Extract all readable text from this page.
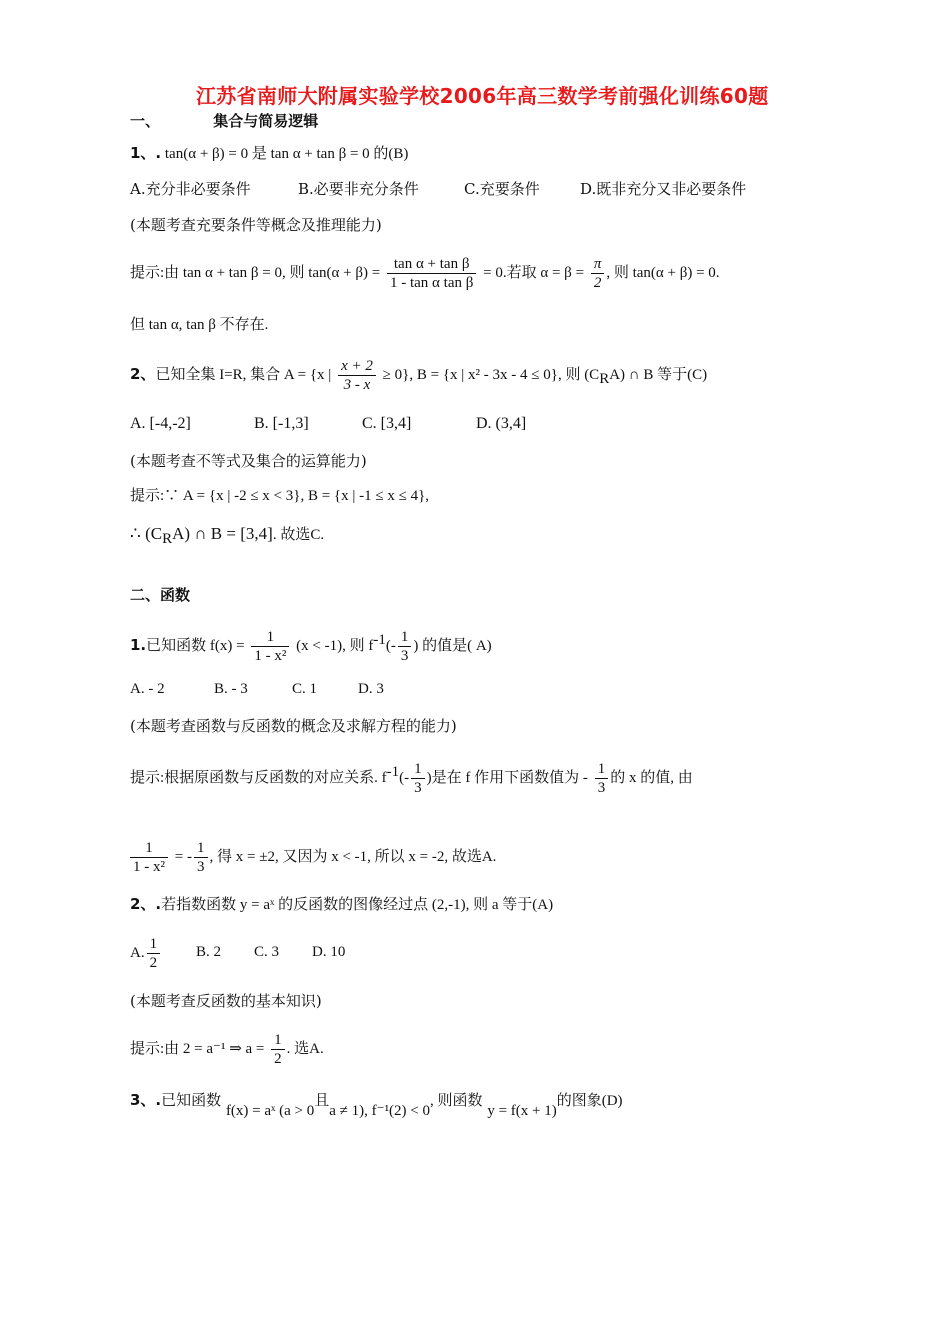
江苏省南师大附属实验学校2006年高三数学考前强化训练60题
一、	集合与简易逻辑
1、. tan(α + β) = 0 是 tan α + tan β = 0 的(B)
A.充分非必要条件	B.必要非充分条件	C.充要条件	D.既非充分又非必要条件
(本题考查充要条件等概念及推理能力)
提示:由 tan α + tan β = 0, 则 $\tan(\alpha + \beta) = \frac{\text{tan α + tan β}}{\text{1 - tan α tan β}} = 0$.若取 $\alpha = \beta = \frac{\pi}{2}$ , 则 tan(α + β) = 0.
但 tan α, tan β 不存在.
2、已知全集 I=R, 集合 A = {x | $\frac{x + 2}{3 - x} \ge 0$}, B = {x | x² - 3x - 4 ≤ 0}, 则 $(C_RA)$ ∩ B 等于(C)
A. [-4,-2]	B. [-1,3]	C. [3,4]	D. (3,4]
(本题考查不等式及集合的运算能力)
提示:∵ A = {x | -2 ≤ x < 3}, B = {x | -1 ≤ x ≤ 4},
∴ $(C_RA)$ ∩ B = [3,4]. 故选C.
二、函数
1.已知函数 $f(x) = \frac{1}{\text{1 - x²}} (x < -1)$, 则 $f^{-1}(- \frac{1}{3}$ ) 的值是( A)
A. - 2	B. - 3	C. 1	D. 3
(本题考查函数与反函数的概念及求解方程的能力)
提示:根据原函数与反函数的对应关系. $f^{-1}(- \frac{1}{3}$ )是在 f 作用下函数值为 - $\frac{1}{3}$ 的 x 的值, 由
$\frac{1}{\text{1 - x²}}$ = - $\frac{1}{3}$ , 得 x = ±2, 又因为 x < -1, 所以 x = -2, 故选A.
2、.若指数函数 y = aˣ 的反函数的图像经过点 (2,-1), 则 a 等于(A)
A. $\frac{1}{2} B$. 2 C. 3 D. 10
(本题考查反函数的基本知识)
提示:由 2 = a⁻¹ ⇒ $a = \frac{1}{2}$ . 选A.
3、.已知函数 f(x) = aˣ (a > 0且a ≠ 1), f⁻¹(2) < 0, 则函数 y = f(x + 1)的图象(D)
